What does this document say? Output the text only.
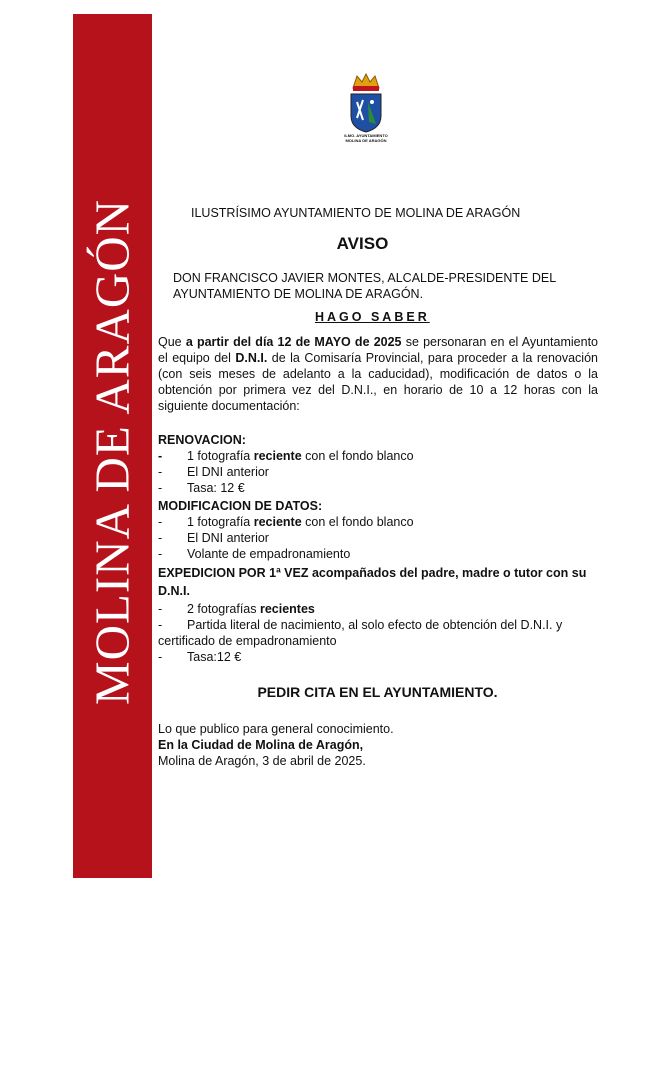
MOLINA DE ARAGÓN
ILMO. AYUNTAMIENTO
MOLINA DE ARAGÓN
ILUSTRÍSIMO AYUNTAMIENTO DE MOLINA DE ARAGÓN
AVISO
DON FRANCISCO JAVIER MONTES, ALCALDE-PRESIDENTE DEL
AYUNTAMIENTO DE MOLINA DE ARAGÓN.
HAGO SABER
Que a partir del día 12 de MAYO de 2025 se personaran en el Ayuntamiento el equipo del D.N.I. de la Comisaría Provincial, para proceder a la renovación (con seis meses de adelanto a la caducidad), modificación de datos o la obtención por primera vez del D.N.I., en horario de 10 a 12 horas con la siguiente documentación:
RENOVACION:
- 1 fotografía reciente con el fondo blanco
- El DNI anterior
- Tasa: 12 €
MODIFICACION DE DATOS:
- 1 fotografía reciente con el fondo blanco
- El DNI anterior
- Volante de empadronamiento
EXPEDICION POR 1ª VEZ acompañados del padre, madre o tutor con su
D.N.I.
- 2 fotografías recientes
- Partida literal de nacimiento, al solo efecto de obtención del D.N.I. y
certificado de empadronamiento
- Tasa:12 €
PEDIR CITA EN EL AYUNTAMIENTO.
Lo que publico para general conocimiento.
En la Ciudad de Molina de Aragón,
Molina de Aragón, 3 de abril de 2025.
